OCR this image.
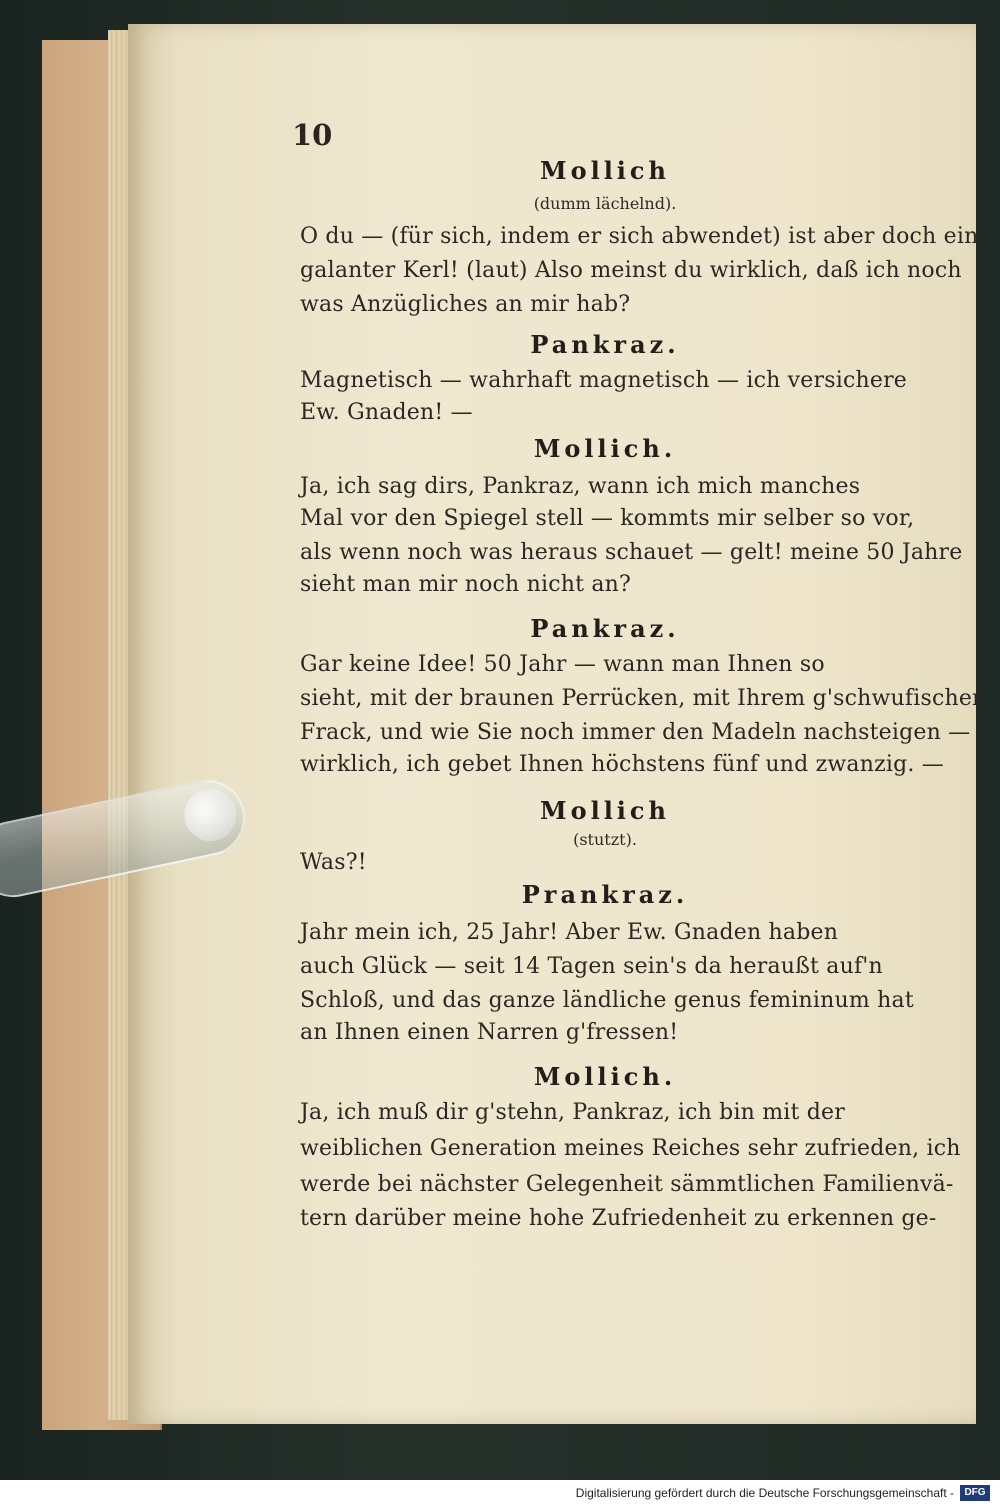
10
Mollich
(dumm lächelnd).
O du — (für sich, indem er sich abwendet) ist aber doch ein
galanter Kerl! (laut) Also meinst du wirklich, daß ich noch
was Anzügliches an mir hab?
Pankraz.
Magnetisch — wahrhaft magnetisch — ich versichere
Ew. Gnaden! —
Mollich.
Ja, ich sag dirs, Pankraz, wann ich mich manches
Mal vor den Spiegel stell — kommts mir selber so vor,
als wenn noch was heraus schauet — gelt! meine 50 Jahre
sieht man mir noch nicht an?
Pankraz.
Gar keine Idee! 50 Jahr — wann man Ihnen so
sieht, mit der braunen Perrücken, mit Ihrem g'schwufischen
Frack, und wie Sie noch immer den Madeln nachsteigen —
wirklich, ich gebet Ihnen höchstens fünf und zwanzig. —
Mollich
(stutzt).
Was?!
Prankraz.
Jahr mein ich, 25 Jahr! Aber Ew. Gnaden haben
auch Glück — seit 14 Tagen sein's da heraußt auf'n
Schloß, und das ganze ländliche genus femininum hat
an Ihnen einen Narren g'fressen!
Mollich.
Ja, ich muß dir g'stehn, Pankraz, ich bin mit der
weiblichen Generation meines Reiches sehr zufrieden, ich
werde bei nächster Gelegenheit sämmtlichen Familienvä-
tern darüber meine hohe Zufriedenheit zu erkennen ge-
Digitalisierung gefördert durch die Deutsche Forschungsgemeinschaft -	DFG
